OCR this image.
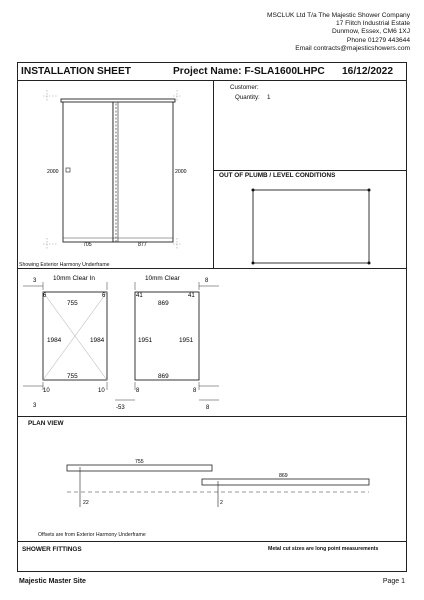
MSCLUK Ltd T/a The Majestic Shower Company
17 Flitch Industrial Estate
Dunmow, Essex, CM6 1XJ
Phone 01279 443644
Email contracts@majesticshowers.com
INSTALLATION SHEET	Project Name: F-SLA1600LHPC 16/12/2022
Customer:
Quantity: 1
OUT OF PLUMB / LEVEL CONDITIONS
2000	2000
705	877
Showing Exterior Harmony Underframe
10mm Clear In
3
6	6
755
1984	1984
755
10	10
3
10mm Clear	8
41	41
869
1951	1951
869
8	8
-53	8
PLAN VIEW
755
869
22	2
Offsets are from Exterior Harmony Underframe
SHOWER FITTINGS	Metal cut sizes are long point measurements
Majestic Master Site	Page 1
